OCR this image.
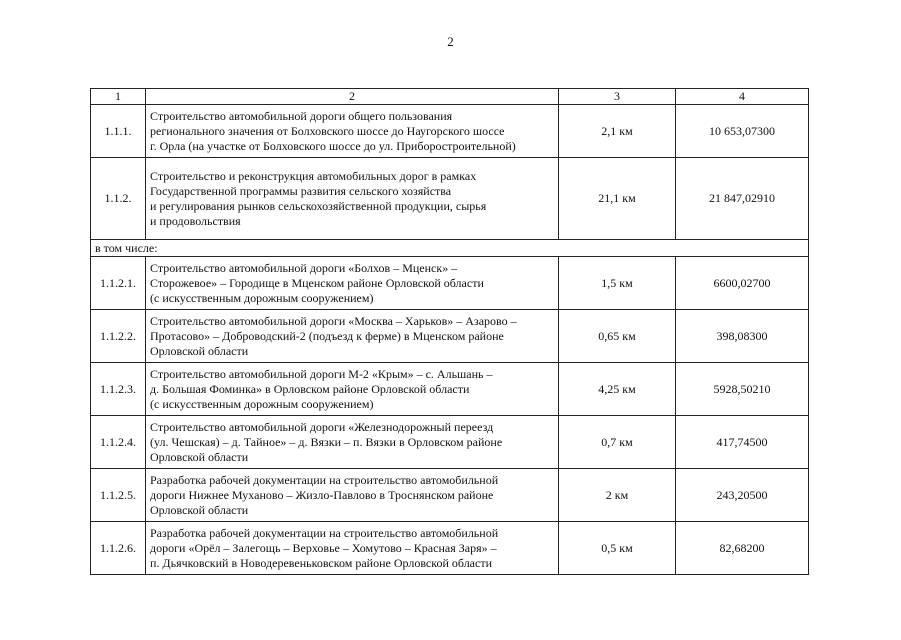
2
1	2	3	4
1.1.1.	Строительство автомобильной дороги общего пользования
регионального значения от Болховского шоссе до Наугорского шоссе
г. Орла (на участке от Болховского шоссе до ул. Приборостроительной)	2,1 км	10 653,07300
1.1.2.	Строительство и реконструкция автомобильных дорог в рамках
Государственной программы развития сельского хозяйства
и регулирования рынков сельскохозяйственной продукции, сырья
и продовольствия	21,1 км	21 847,02910
в том числе:			
1.1.2.1.	Строительство автомобильной дороги «Болхов – Мценск» –
Сторожевое» – Городище в Мценском районе Орловской области
(с искусственным дорожным сооружением)	1,5 км	6600,02700
1.1.2.2.	Строительство автомобильной дороги «Москва – Харьков» – Азарово –
Протасово» – Доброводский-2 (подъезд к ферме) в Мценском районе
Орловской области	0,65 км	398,08300
1.1.2.3.	Строительство автомобильной дороги М-2 «Крым» – с. Альшань –
д. Большая Фоминка» в Орловском районе Орловской области
(с искусственным дорожным сооружением)	4,25 км	5928,50210
1.1.2.4.	Строительство автомобильной дороги «Железнодорожный переезд
(ул. Чешская) – д. Тайное» – д. Вязки – п. Вязки в Орловском районе
Орловской области	0,7 км	417,74500
1.1.2.5.	Разработка рабочей документации на строительство автомобильной
дороги Нижнее Муханово – Жизло-Павлово в Троснянском районе
Орловской области	2 км	243,20500
1.1.2.6.	Разработка рабочей документации на строительство автомобильной
дороги «Орёл – Залегощь – Верховье – Хомутово – Красная Заря» –
п. Дьячковский в Новодеревеньковском районе Орловской области	0,5 км	82,68200
